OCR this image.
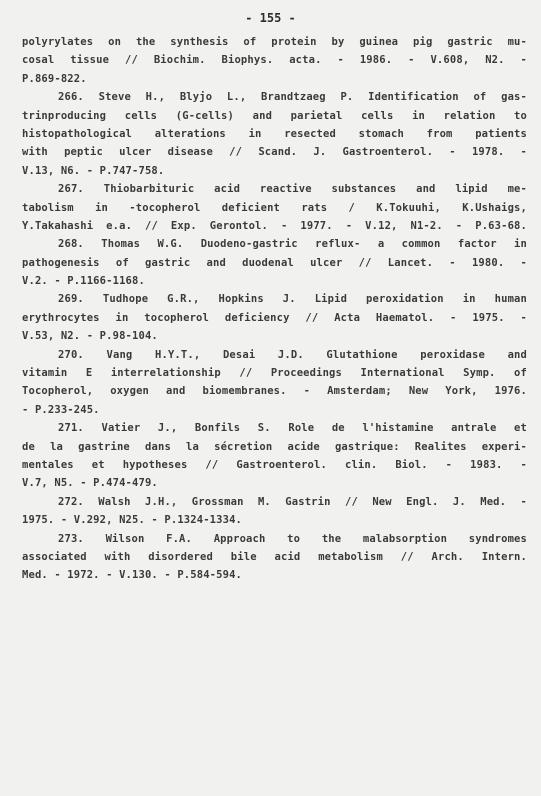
- 155 -
polyrylates on the synthesis of protein by guinea pig gastric mu-
cosal tissue // Biochim. Biophys. acta. - 1986. - V.608, N2. -
P.869-822.
266. Steve H., Blyjo L., Brandtzaeg P. Identification of gas-
trinproducing cells (G-cells) and parietal cells in relation to
histopathological alterations in resected stomach from patients
with peptic ulcer disease // Scand. J. Gastroenterol. - 1978. -
V.13, N6. - P.747-758.
267. Thiobarbituric acid reactive substances and lipid me-
tabolism in -tocopherol deficient rats / K.Tokuuhi, K.Ushaigs,
Y.Takahashi e.a. // Exp. Gerontol. - 1977. - V.12, N1-2. - P.63-68.
268. Thomas W.G. Duodeno-gastric reflux- a common factor in
pathogenesis of gastric and duodenal ulcer // Lancet. - 1980. -
V.2. - P.1166-1168.
269. Tudhope G.R., Hopkins J. Lipid peroxidation in human
erythrocytes in tocopherol deficiency // Acta Haematol. - 1975. -
V.53, N2. - P.98-104.
270. Vang H.Y.T., Desai J.D. Glutathione peroxidase and
vitamin E interrelationship // Proceedings International Symp. of
Tocopherol, oxygen and biomembranes. - Amsterdam; New York, 1976.
- P.233-245.
271. Vatier J., Bonfils S. Role de l'histamine antrale et
de la gastrine dans la sécretion acide gastrique: Realites experi-
mentales et hypotheses // Gastroenterol. clin. Biol. - 1983. -
V.7, N5. - P.474-479.
272. Walsh J.H., Grossman M. Gastrin // New Engl. J. Med. -
1975. - V.292, N25. - P.1324-1334.
273. Wilson F.A. Approach to the malabsorption syndromes
associated with disordered bile acid metabolism // Arch. Intern.
Med. - 1972. - V.130. - P.584-594.
